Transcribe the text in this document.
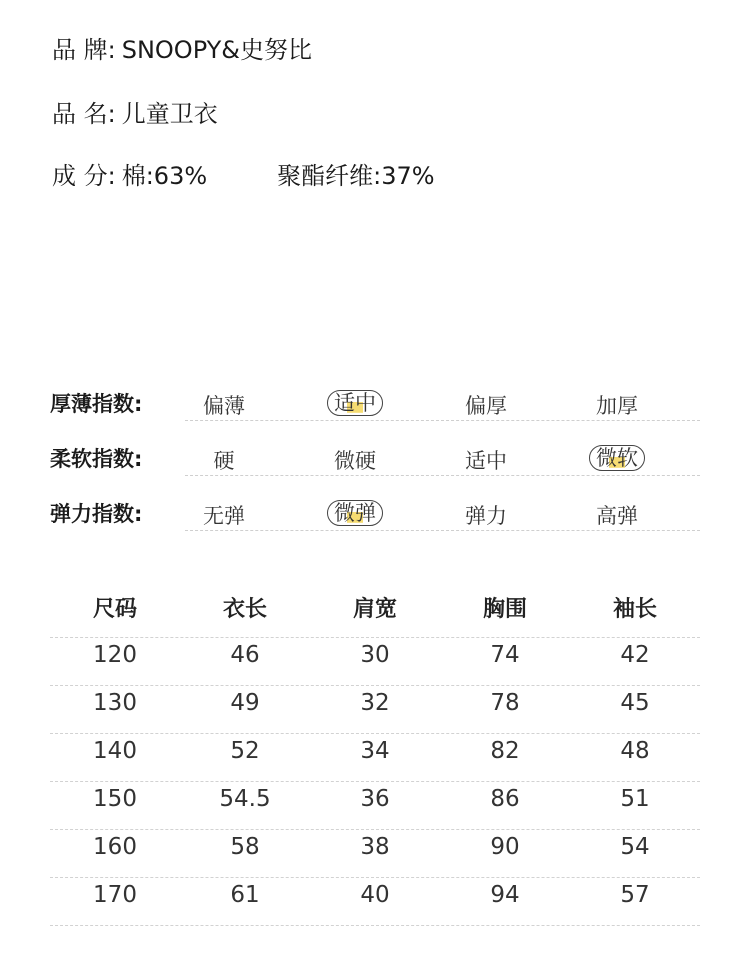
品 牌: SNOOPY&史努比
品 名: 儿童卫衣
成 分: 棉:63%	聚酯纤维:37%
厚薄指数:	偏薄	适中	偏厚	加厚
柔软指数:	硬	微硬	适中	微软
弹力指数:	无弹	微弹	弹力	高弹
尺码	衣长	肩宽	胸围	袖长
120	46	30	74	42
130	49	32	78	45
140	52	34	82	48
150	54.5	36	86	51
160	58	38	90	54
170	61	40	94	57
